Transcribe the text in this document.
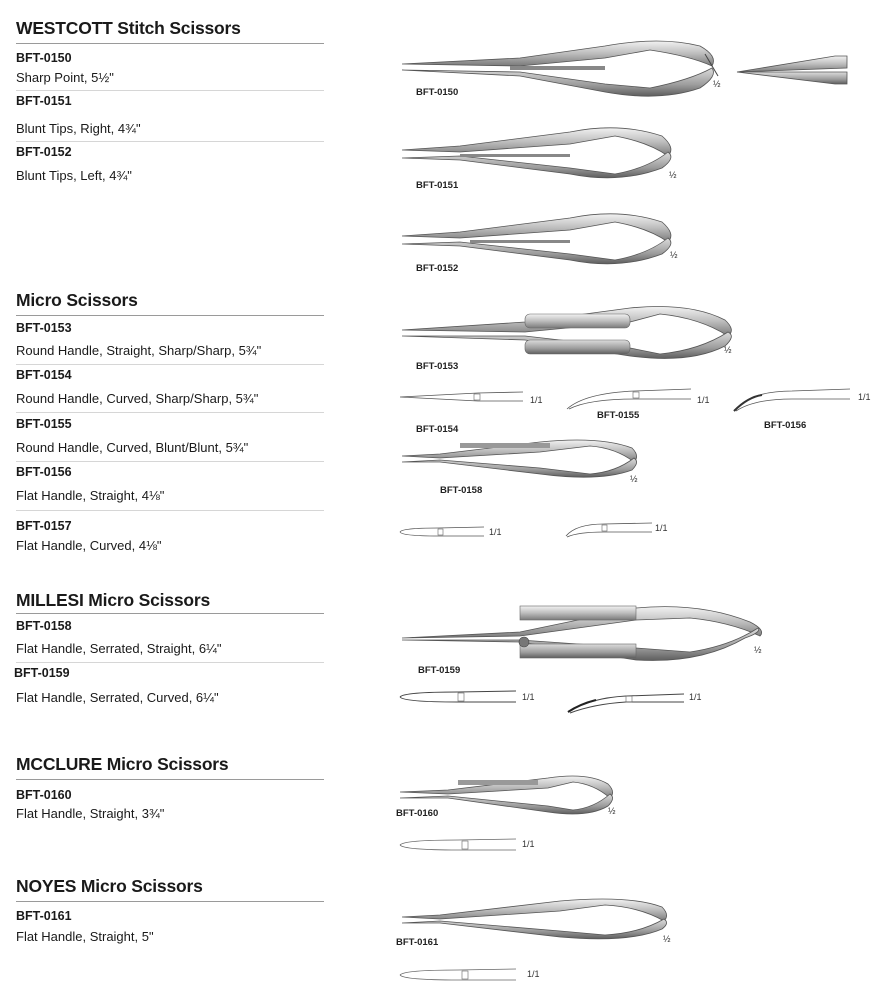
WESTCOTT Stitch Scissors
BFT-0150
Sharp Point, 5½"
BFT-0151
Blunt Tips, Right, 4¾"
BFT-0152
Blunt Tips, Left, 4¾"
Micro Scissors
BFT-0153
Round Handle, Straight, Sharp/Sharp, 5¾"
BFT-0154
Round Handle, Curved, Sharp/Sharp, 5¾"
BFT-0155
Round Handle, Curved, Blunt/Blunt, 5¾"
BFT-0156
Flat Handle, Straight, 4⅛"
BFT-0157
Flat Handle, Curved, 4⅛"
MILLESI Micro Scissors
BFT-0158
Flat Handle, Serrated, Straight, 6¼"
BFT-0159
Flat Handle, Serrated, Curved, 6¼"
MCCLURE Micro Scissors
BFT-0160
Flat Handle, Straight, 3¾"
NOYES Micro Scissors
BFT-0161
Flat Handle, Straight, 5"
BFT-0150
½
BFT-0151
½
BFT-0152
½
BFT-0153
½
1/1
BFT-0154
1/1
BFT-0155
1/1
BFT-0156
BFT-0158
½
1/1	1/1
BFT-0159
½
1/1	1/1
BFT-0160	½
1/1
BFT-0161	½
1/1
